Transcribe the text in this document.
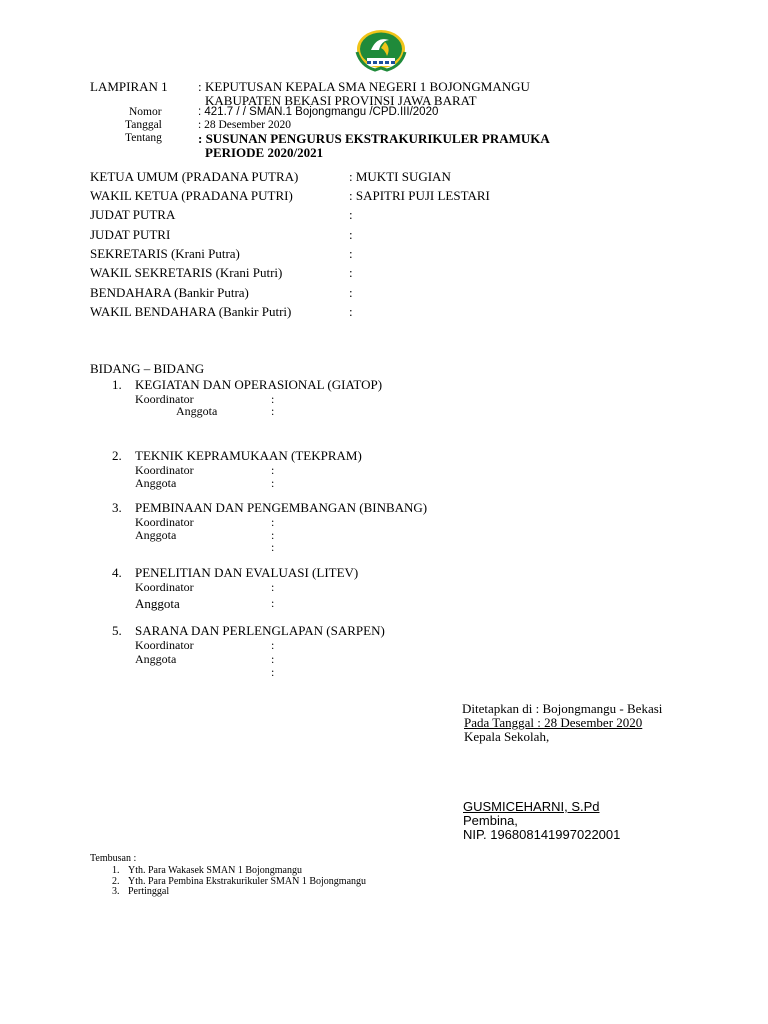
LAMPIRAN 1 : KEPUTUSAN KEPALA SMA NEGERI 1 BOJONGMANGU
KABUPATEN BEKASI PROVINSI JAWA BARAT
Nomor	: 421.7 / / SMAN.1 Bojongmangu /CPD.III/2020
Tanggal	: 28 Desember 2020
Tentang	: SUSUNAN PENGURUS EKSTRAKURIKULER PRAMUKA
PERIODE 2020/2021
KETUA UMUM (PRADANA PUTRA)	: MUKTI SUGIAN
WAKIL KETUA (PRADANA PUTRI)	: SAPITRI PUJI LESTARI
JUDAT PUTRA	:
JUDAT PUTRI	:
SEKRETARIS (Krani Putra)	:
WAKIL SEKRETARIS (Krani Putri)	:
BENDAHARA (Bankir Putra)	:
WAKIL BENDAHARA (Bankir Putri)	:
BIDANG – BIDANG
1. KEGIATAN DAN OPERASIONAL (GIATOP)
Koordinator	:
Anggota	:
2. TEKNIK KEPRAMUKAAN (TEKPRAM)
Koordinator	:
Anggota	:
3. PEMBINAAN DAN PENGEMBANGAN (BINBANG)
Koordinator	:
Anggota	:
:
4. PENELITIAN DAN EVALUASI (LITEV)
Koordinator	:
Anggota	:
5. SARANA DAN PERLENGLAPAN (SARPEN)
Koordinator	:
Anggota	:
:
Ditetapkan di : Bojongmangu - Bekasi
Pada Tanggal : 28 Desember 2020
Kepala Sekolah,
GUSMICEHARNI, S.Pd
Pembina,
NIP. 196808141997022001
Tembusan :
1. Yth. Para Wakasek SMAN 1 Bojongmangu
2. Yth. Para Pembina Ekstrakurikuler SMAN 1 Bojongmangu
3. Pertinggal
